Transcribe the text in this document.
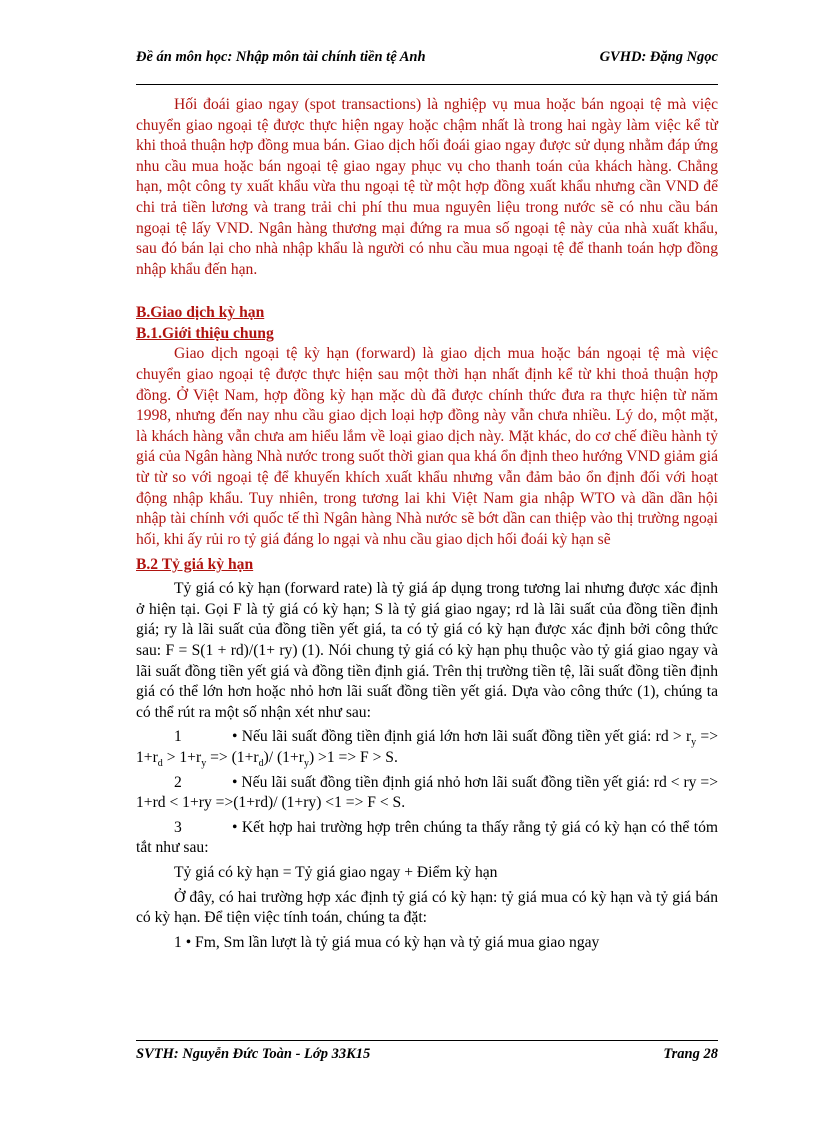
Đề án môn học: Nhập môn tài chính tiền tệ Anh	GVHD: Đặng Ngọc

Hối đoái giao ngay (spot transactions) là nghiệp vụ mua hoặc bán ngoại tệ mà việc chuyển giao ngoại tệ được thực hiện ngay hoặc chậm nhất là trong hai ngày làm việc kể từ khi thoả thuận hợp đồng mua bán. Giao dịch hối đoái giao ngay được sử dụng nhằm đáp ứng nhu cầu mua hoặc bán ngoại tệ giao ngay phục vụ cho thanh toán của khách hàng. Chẳng hạn, một công ty xuất khẩu vừa thu ngoại tệ từ một hợp đồng xuất khẩu nhưng cần VND để chi trả tiền lương và trang trải chi phí thu mua nguyên liệu trong nước sẽ có nhu cầu bán ngoại tệ lấy VND. Ngân hàng thương mại đứng ra mua số ngoại tệ này của nhà xuất khẩu, sau đó bán lại cho nhà nhập khẩu là người có nhu cầu mua ngoại tệ để thanh toán hợp đồng nhập khẩu đến hạn.

B.Giao dịch kỳ hạn

B.1.Giới thiệu chung

Giao dịch ngoại tệ kỳ hạn (forward) là giao dịch mua hoặc bán ngoại tệ mà việc chuyển giao ngoại tệ được thực hiện sau một thời hạn nhất định kể từ khi thoả thuận hợp đồng. Ở Việt Nam, hợp đồng kỳ hạn mặc dù đã được chính thức đưa ra thực hiện từ năm 1998, nhưng đến nay nhu cầu giao dịch loại hợp đồng này vẫn chưa nhiều. Lý do, một mặt, là khách hàng vẫn chưa am hiểu lắm về loại giao dịch này. Mặt khác, do cơ chế điều hành tỷ giá của Ngân hàng Nhà nước trong suốt thời gian qua khá ổn định theo hướng VND giảm giá từ từ so với ngoại tệ để khuyến khích xuất khẩu nhưng vẫn đảm bảo ổn định đối với hoạt động nhập khẩu. Tuy nhiên, trong tương lai khi Việt Nam gia nhập WTO và dần dần hội nhập tài chính với quốc tế thì Ngân hàng Nhà nước sẽ bớt dần can thiệp vào thị trường ngoại hối, khi ấy rủi ro tỷ giá đáng lo ngại và nhu cầu giao dịch hối đoái kỳ hạn sẽ

B.2 Tỷ giá kỳ hạn

Tỷ giá có kỳ hạn (forward rate) là tỷ giá áp dụng trong tương lai nhưng được xác định ở hiện tại. Gọi F là tỷ giá có kỳ hạn; S là tỷ giá giao ngay; rd là lãi suất của đồng tiền định giá; ry là lãi suất của đồng tiền yết giá, ta có tỷ giá có kỳ hạn được xác định bởi công thức sau: F = S(1 + rd)/(1+ ry) (1). Nói chung tỷ giá có kỳ hạn phụ thuộc vào tỷ giá giao ngay và lãi suất đồng tiền yết giá và đồng tiền định giá. Trên thị trường tiền tệ, lãi suất đồng tiền định giá có thể lớn hơn hoặc nhỏ hơn lãi suất đồng tiền yết giá. Dựa vào công thức (1), chúng ta có thể rút ra một số nhận xét như sau:

1	• Nếu lãi suất đồng tiền định giá lớn hơn lãi suất đồng tiền yết giá: rd > $r_y => 1+r_d > 1+r_y => (1+r_d)/$ $(1+r_y) >1 => F > S$.

2	• Nếu lãi suất đồng tiền định giá nhỏ hơn lãi suất đồng tiền yết giá: rd < ry => 1+rd < 1+ry =>(1+rd)/ (1+ry) <1 => F < S.

3	• Kết hợp hai trường hợp trên chúng ta thấy rằng tỷ giá có kỳ hạn có thể tóm tắt như sau:

Tỷ giá có kỳ hạn = Tỷ giá giao ngay + Điểm kỳ hạn

Ở đây, có hai trường hợp xác định tỷ giá có kỳ hạn: tỷ giá mua có kỳ hạn và tỷ giá bán có kỳ hạn. Để tiện việc tính toán, chúng ta đặt:

1 • Fm, Sm lần lượt là tỷ giá mua có kỳ hạn và tỷ giá mua giao ngay

SVTH: Nguyễn Đức Toàn - Lớp 33K15	Trang 28
